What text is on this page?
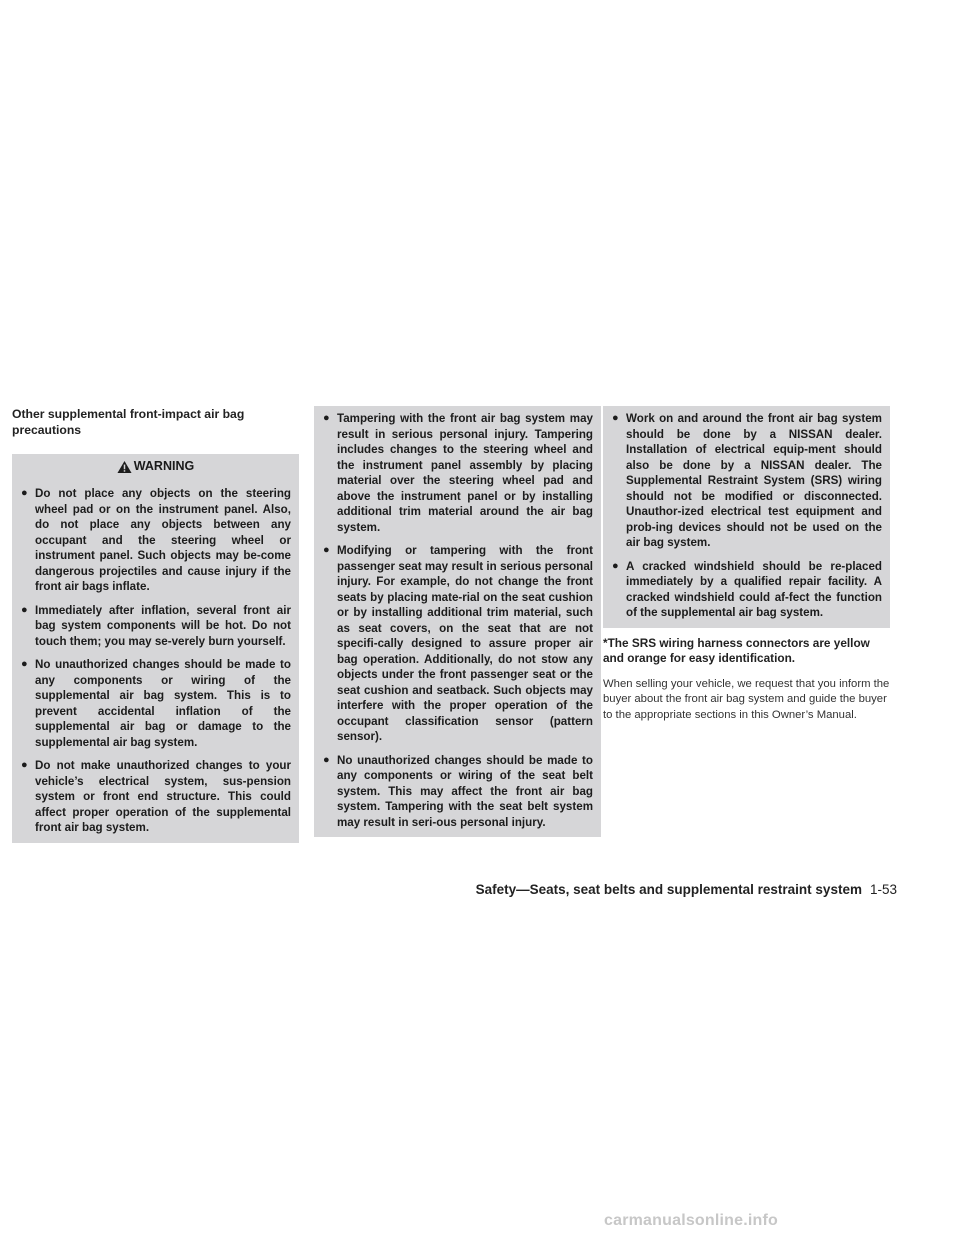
Other supplemental front-impact air bag precautions
WARNING
● Do not place any objects on the steering wheel pad or on the instrument panel. Also, do not place any objects between any occupant and the steering wheel or instrument panel. Such objects may be-come dangerous projectiles and cause injury if the front air bags inflate.
● Immediately after inflation, several front air bag system components will be hot. Do not touch them; you may se-verely burn yourself.
● No unauthorized changes should be made to any components or wiring of the supplemental air bag system. This is to prevent accidental inflation of the supplemental air bag or damage to the supplemental air bag system.
● Do not make unauthorized changes to your vehicle’s electrical system, sus-pension system or front end structure. This could affect proper operation of the supplemental front air bag system.
● Tampering with the front air bag system may result in serious personal injury. Tampering includes changes to the steering wheel and the instrument panel assembly by placing material over the steering wheel pad and above the instrument panel or by installing additional trim material around the air bag system.
● Modifying or tampering with the front passenger seat may result in serious personal injury. For example, do not change the front seats by placing mate-rial on the seat cushion or by installing additional trim material, such as seat covers, on the seat that are not specifi-cally designed to assure proper air bag operation. Additionally, do not stow any objects under the front passenger seat or the seat cushion and seatback. Such objects may interfere with the proper operation of the occupant classification sensor (pattern sensor).
● No unauthorized changes should be made to any components or wiring of the seat belt system. This may affect the front air bag system. Tampering with the seat belt system may result in seri-ous personal injury.
● Work on and around the front air bag system should be done by a NISSAN dealer. Installation of electrical equip-ment should also be done by a NISSAN dealer. The Supplemental Restraint System (SRS) wiring should not be modified or disconnected. Unauthor-ized electrical test equipment and prob-ing devices should not be used on the air bag system.
● A cracked windshield should be re-placed immediately by a qualified repair facility. A cracked windshield could af-fect the function of the supplemental air bag system.

*The SRS wiring harness connectors are yellow and orange for easy identification.

When selling your vehicle, we request that you inform the buyer about the front air bag system and guide the buyer to the appropriate sections in this Owner’s Manual.

Safety—Seats, seat belts and supplemental restraint system 1-53
carmanualsonline.info
